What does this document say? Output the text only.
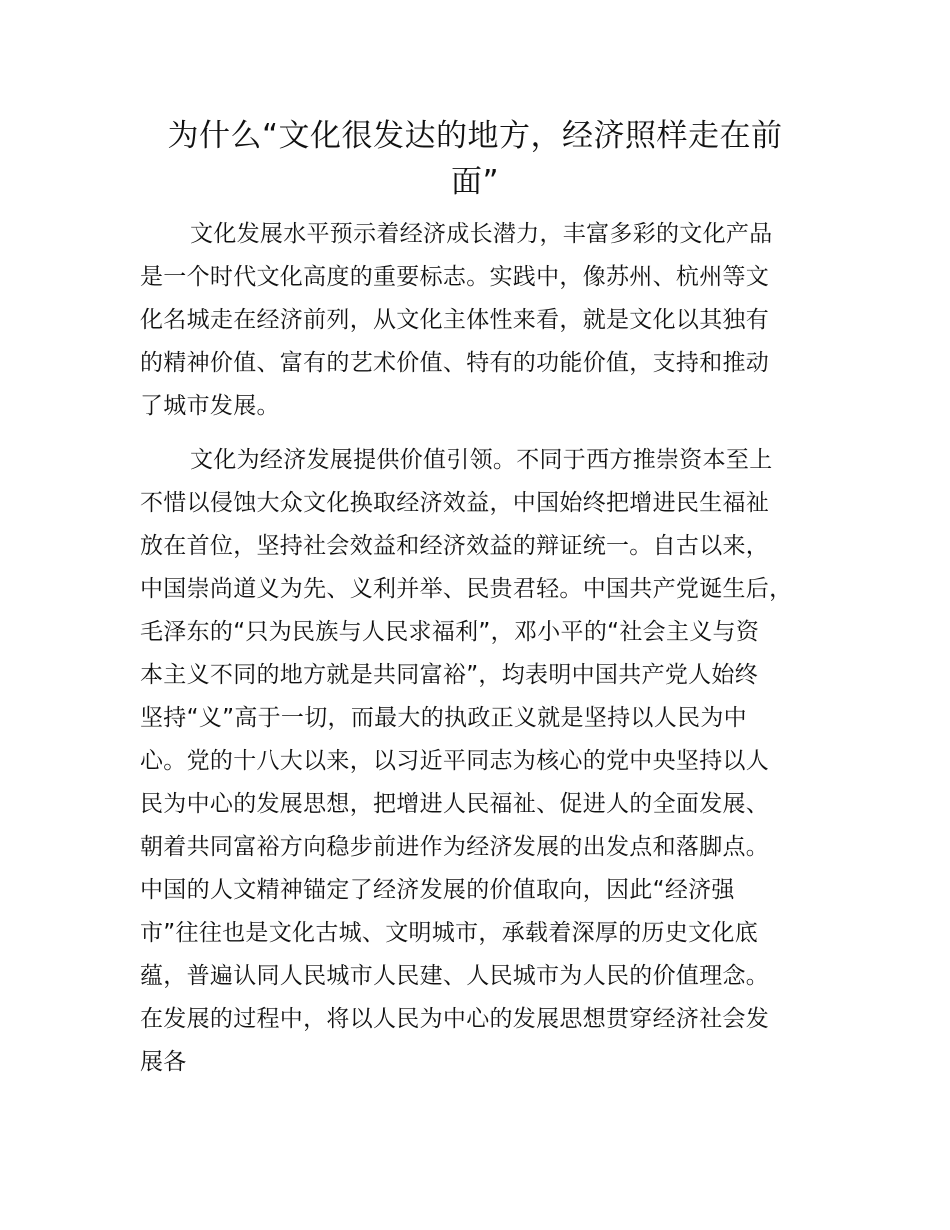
为什么“文化很发达的地方，经济照样走在前
面”

文化发展水平预示着经济成长潜力，丰富多彩的文化产品

是一个时代文化高度的重要标志。实践中，像苏州、杭州等文

化名城走在经济前列，从文化主体性来看，就是文化以其独有

的精神价值、富有的艺术价值、特有的功能价值，支持和推动

了城市发展。

文化为经济发展提供价值引领。不同于西方推崇资本至上

不惜以侵蚀大众文化换取经济效益，中国始终把增进民生福祉

放在首位，坚持社会效益和经济效益的辩证统一。自古以来，

中国崇尚道义为先、义利并举、民贵君轻。中国共产党诞生后，

毛泽东的“只为民族与人民求福利”，邓小平的“社会主义与资

本主义不同的地方就是共同富裕”，均表明中国共产党人始终

坚持“义”高于一切，而最大的执政正义就是坚持以人民为中

心。党的十八大以来，以习近平同志为核心的党中央坚持以人

民为中心的发展思想，把增进人民福祉、促进人的全面发展、

朝着共同富裕方向稳步前进作为经济发展的出发点和落脚点。

中国的人文精神锚定了经济发展的价值取向，因此“经济强

市”往往也是文化古城、文明城市，承载着深厚的历史文化底

蕴，普遍认同人民城市人民建、人民城市为人民的价值理念。

在发展的过程中，将以人民为中心的发展思想贯穿经济社会发

展各
